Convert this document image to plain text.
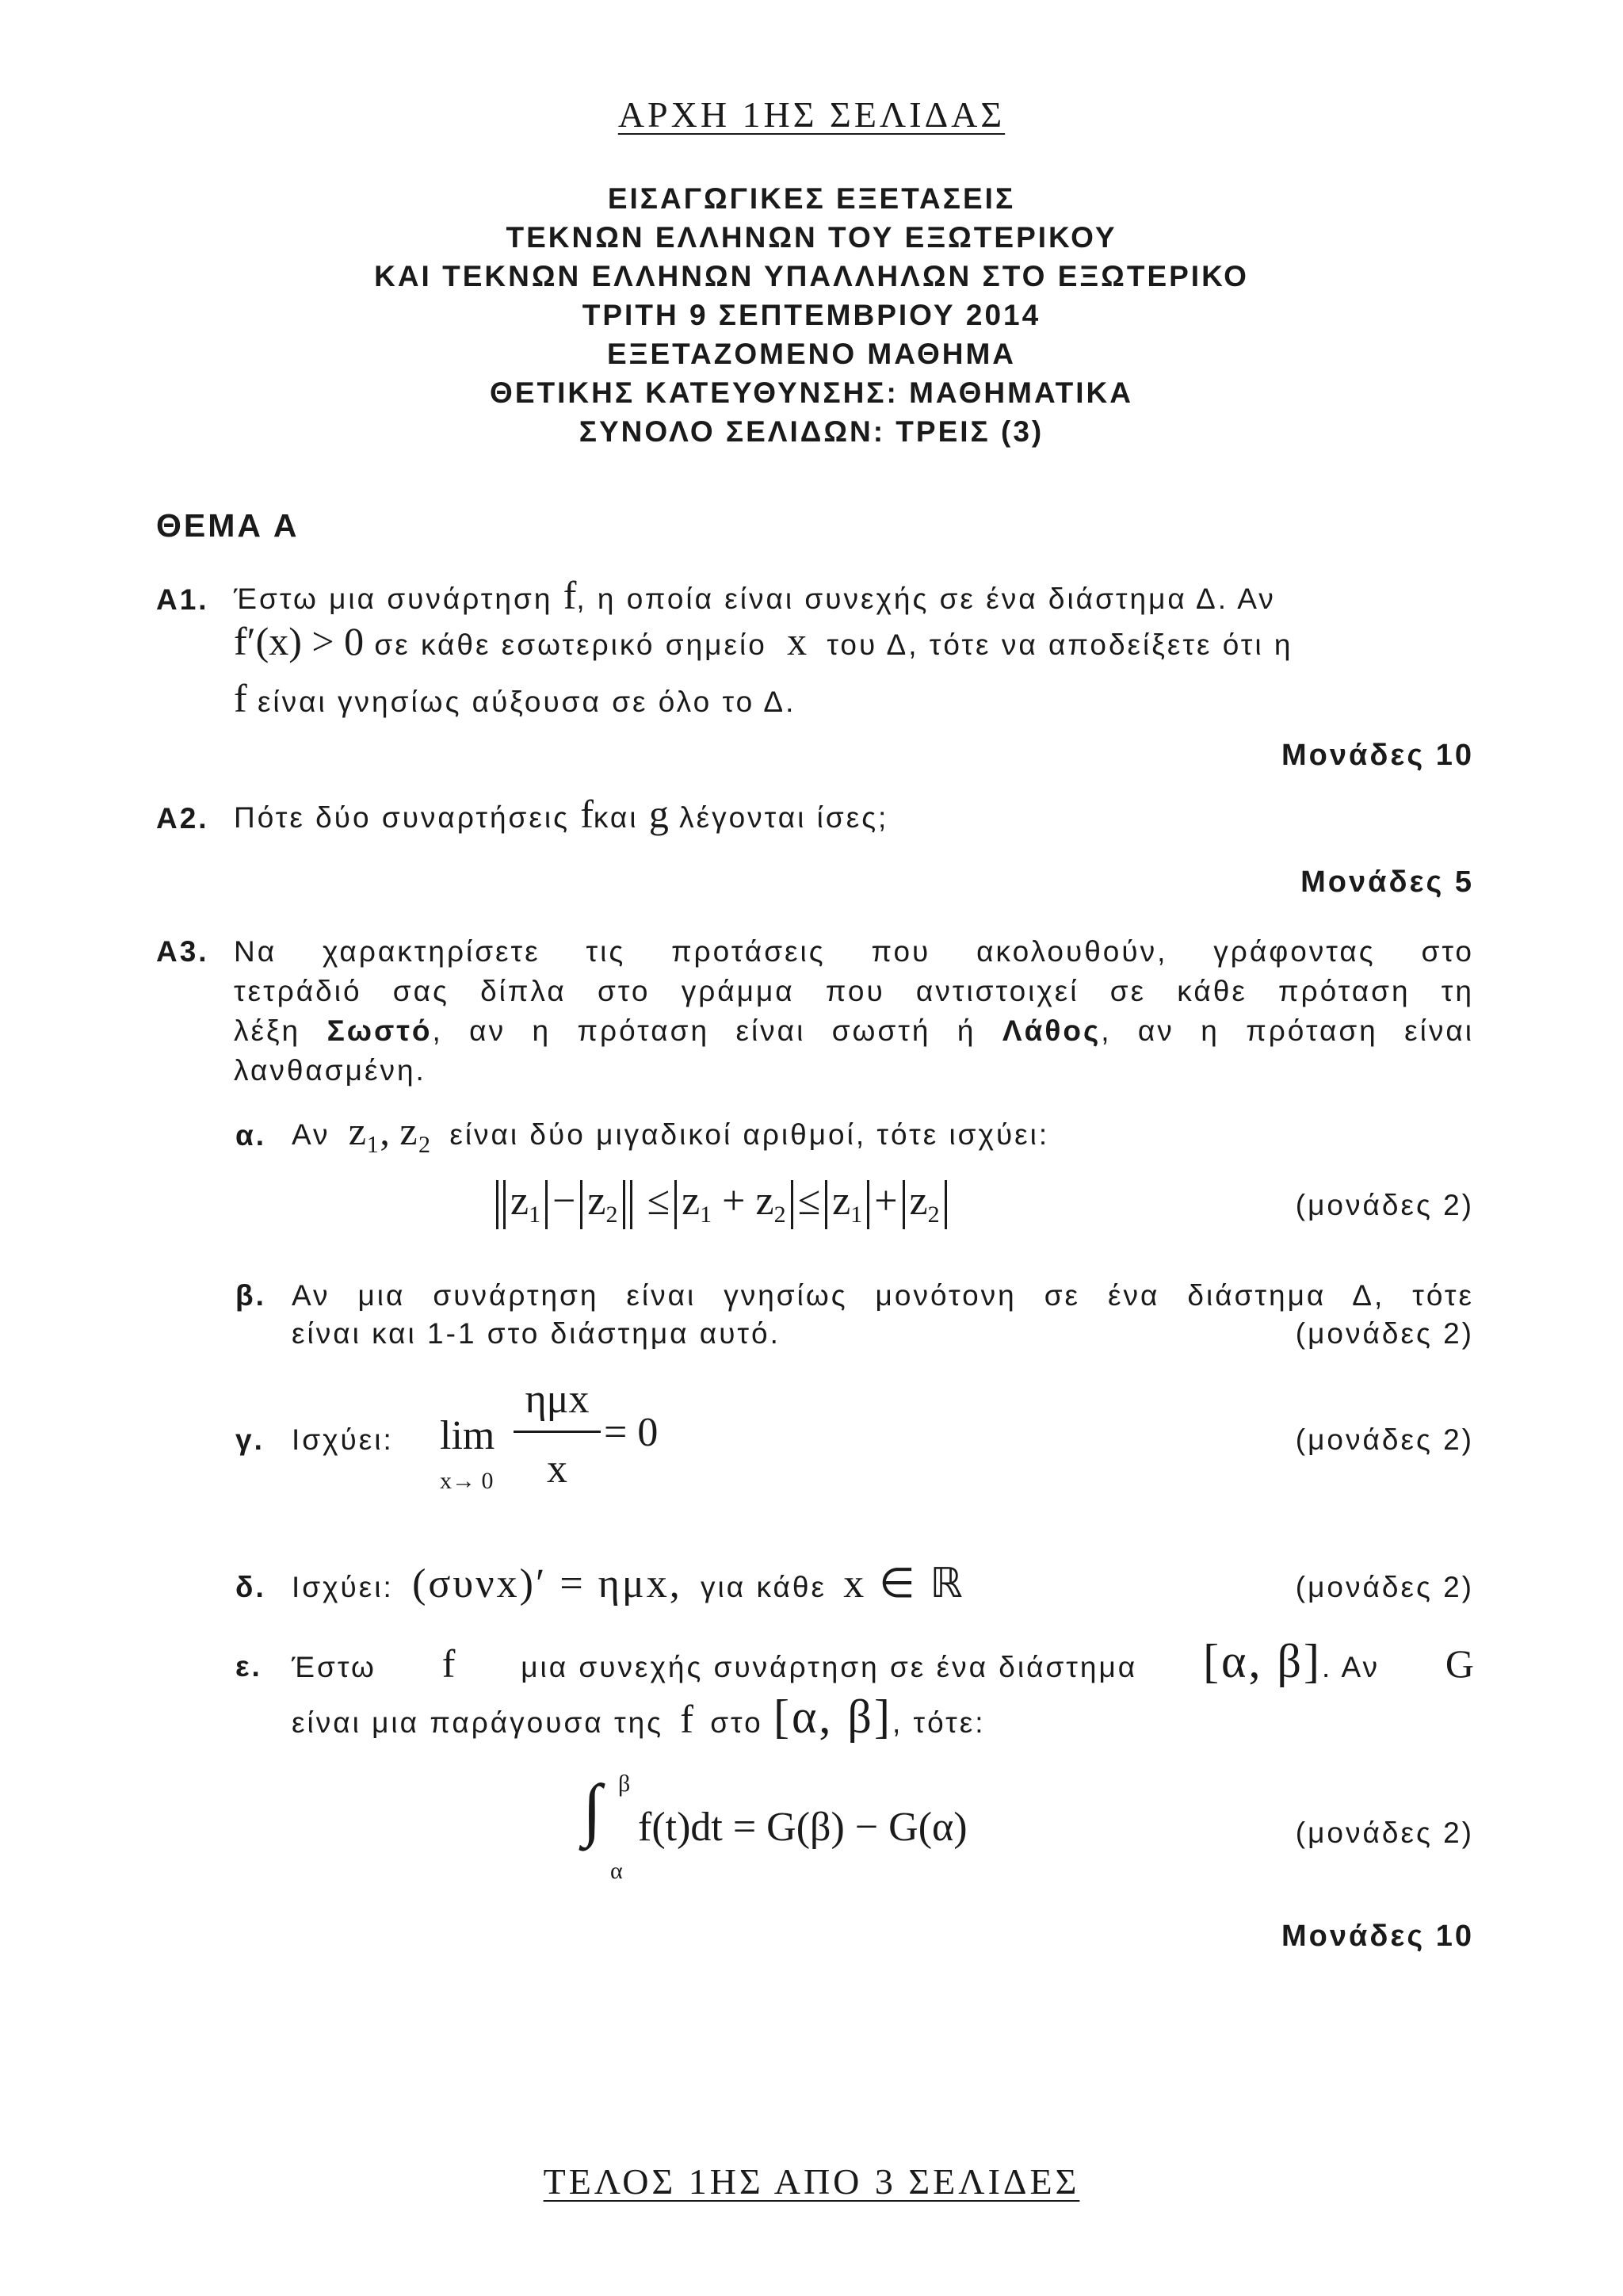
ΑΡΧΗ 1ΗΣ ΣΕΛΙΔΑΣ
ΕΙΣΑΓΩΓΙΚΕΣ ΕΞΕΤΑΣΕΙΣ
ΤΕΚΝΩΝ ΕΛΛΗΝΩΝ ΤΟΥ ΕΞΩΤΕΡΙΚΟΥ
ΚΑΙ ΤΕΚΝΩΝ ΕΛΛΗΝΩΝ ΥΠΑΛΛΗΛΩΝ ΣΤΟ ΕΞΩΤΕΡΙΚΟ
ΤΡΙΤΗ 9 ΣΕΠΤΕΜΒΡΙΟΥ 2014
ΕΞΕΤΑΖΟΜΕΝΟ ΜΑΘΗΜΑ
ΘΕΤΙΚΗΣ ΚΑΤΕΥΘΥΝΣΗΣ: ΜΑΘΗΜΑΤΙΚΑ
ΣΥΝΟΛΟ ΣΕΛΙΔΩΝ: ΤΡΕΙΣ (3)
ΘΕΜΑ Α
Α1. Έστω μια συνάρτηση f, η οποία είναι συνεχής σε ένα διάστημα Δ. Αν
f′(x) > 0 σε κάθε εσωτερικό σημείο x του Δ, τότε να αποδείξετε ότι η
f είναι γνησίως αύξουσα σε όλο το Δ.
Μονάδες 10
Α2. Πότε δύο συναρτήσεις fκαι g λέγονται ίσες;
Μονάδες 5
Α3. Να χαρακτηρίσετε τις προτάσεις που ακολουθούν, γράφοντας στο
τετράδιό σας δίπλα στο γράμμα που αντιστοιχεί σε κάθε πρόταση τη
λέξη Σωστό, αν η πρόταση είναι σωστή ή Λάθος, αν η πρόταση είναι
λανθασμένη.
α. Αν z₁, z₂ είναι δύο μιγαδικοί αριθμοί, τότε ισχύει:
$z_1 - z_2 \le z_1 + z_2 \le z_1 + z_2$	(μονάδες 2)
β. Αν μια συνάρτηση είναι γνησίως μονότονη σε ένα διάστημα Δ, τότε
είναι και 1-1 στο διάστημα αυτό.	(μονάδες 2)
γ. Ισχύει: lim
x→ 0
ημx
x
= 0	(μονάδες 2)
δ. Ισχύει: (συνx)′ = ημx, για κάθε x ∈ ℝ	(μονάδες 2)
ε. Έστω f μια συνεχής συνάρτηση σε ένα διάστημα [α, β]. Αν G
είναι μια παράγουσα της f στο [α, β], τότε:
∫ β
α
f(t)dt = G(β) − G(α)	(μονάδες 2)
Μονάδες 10
ΤΕΛΟΣ 1ΗΣ ΑΠΟ 3 ΣΕΛΙΔΕΣ
